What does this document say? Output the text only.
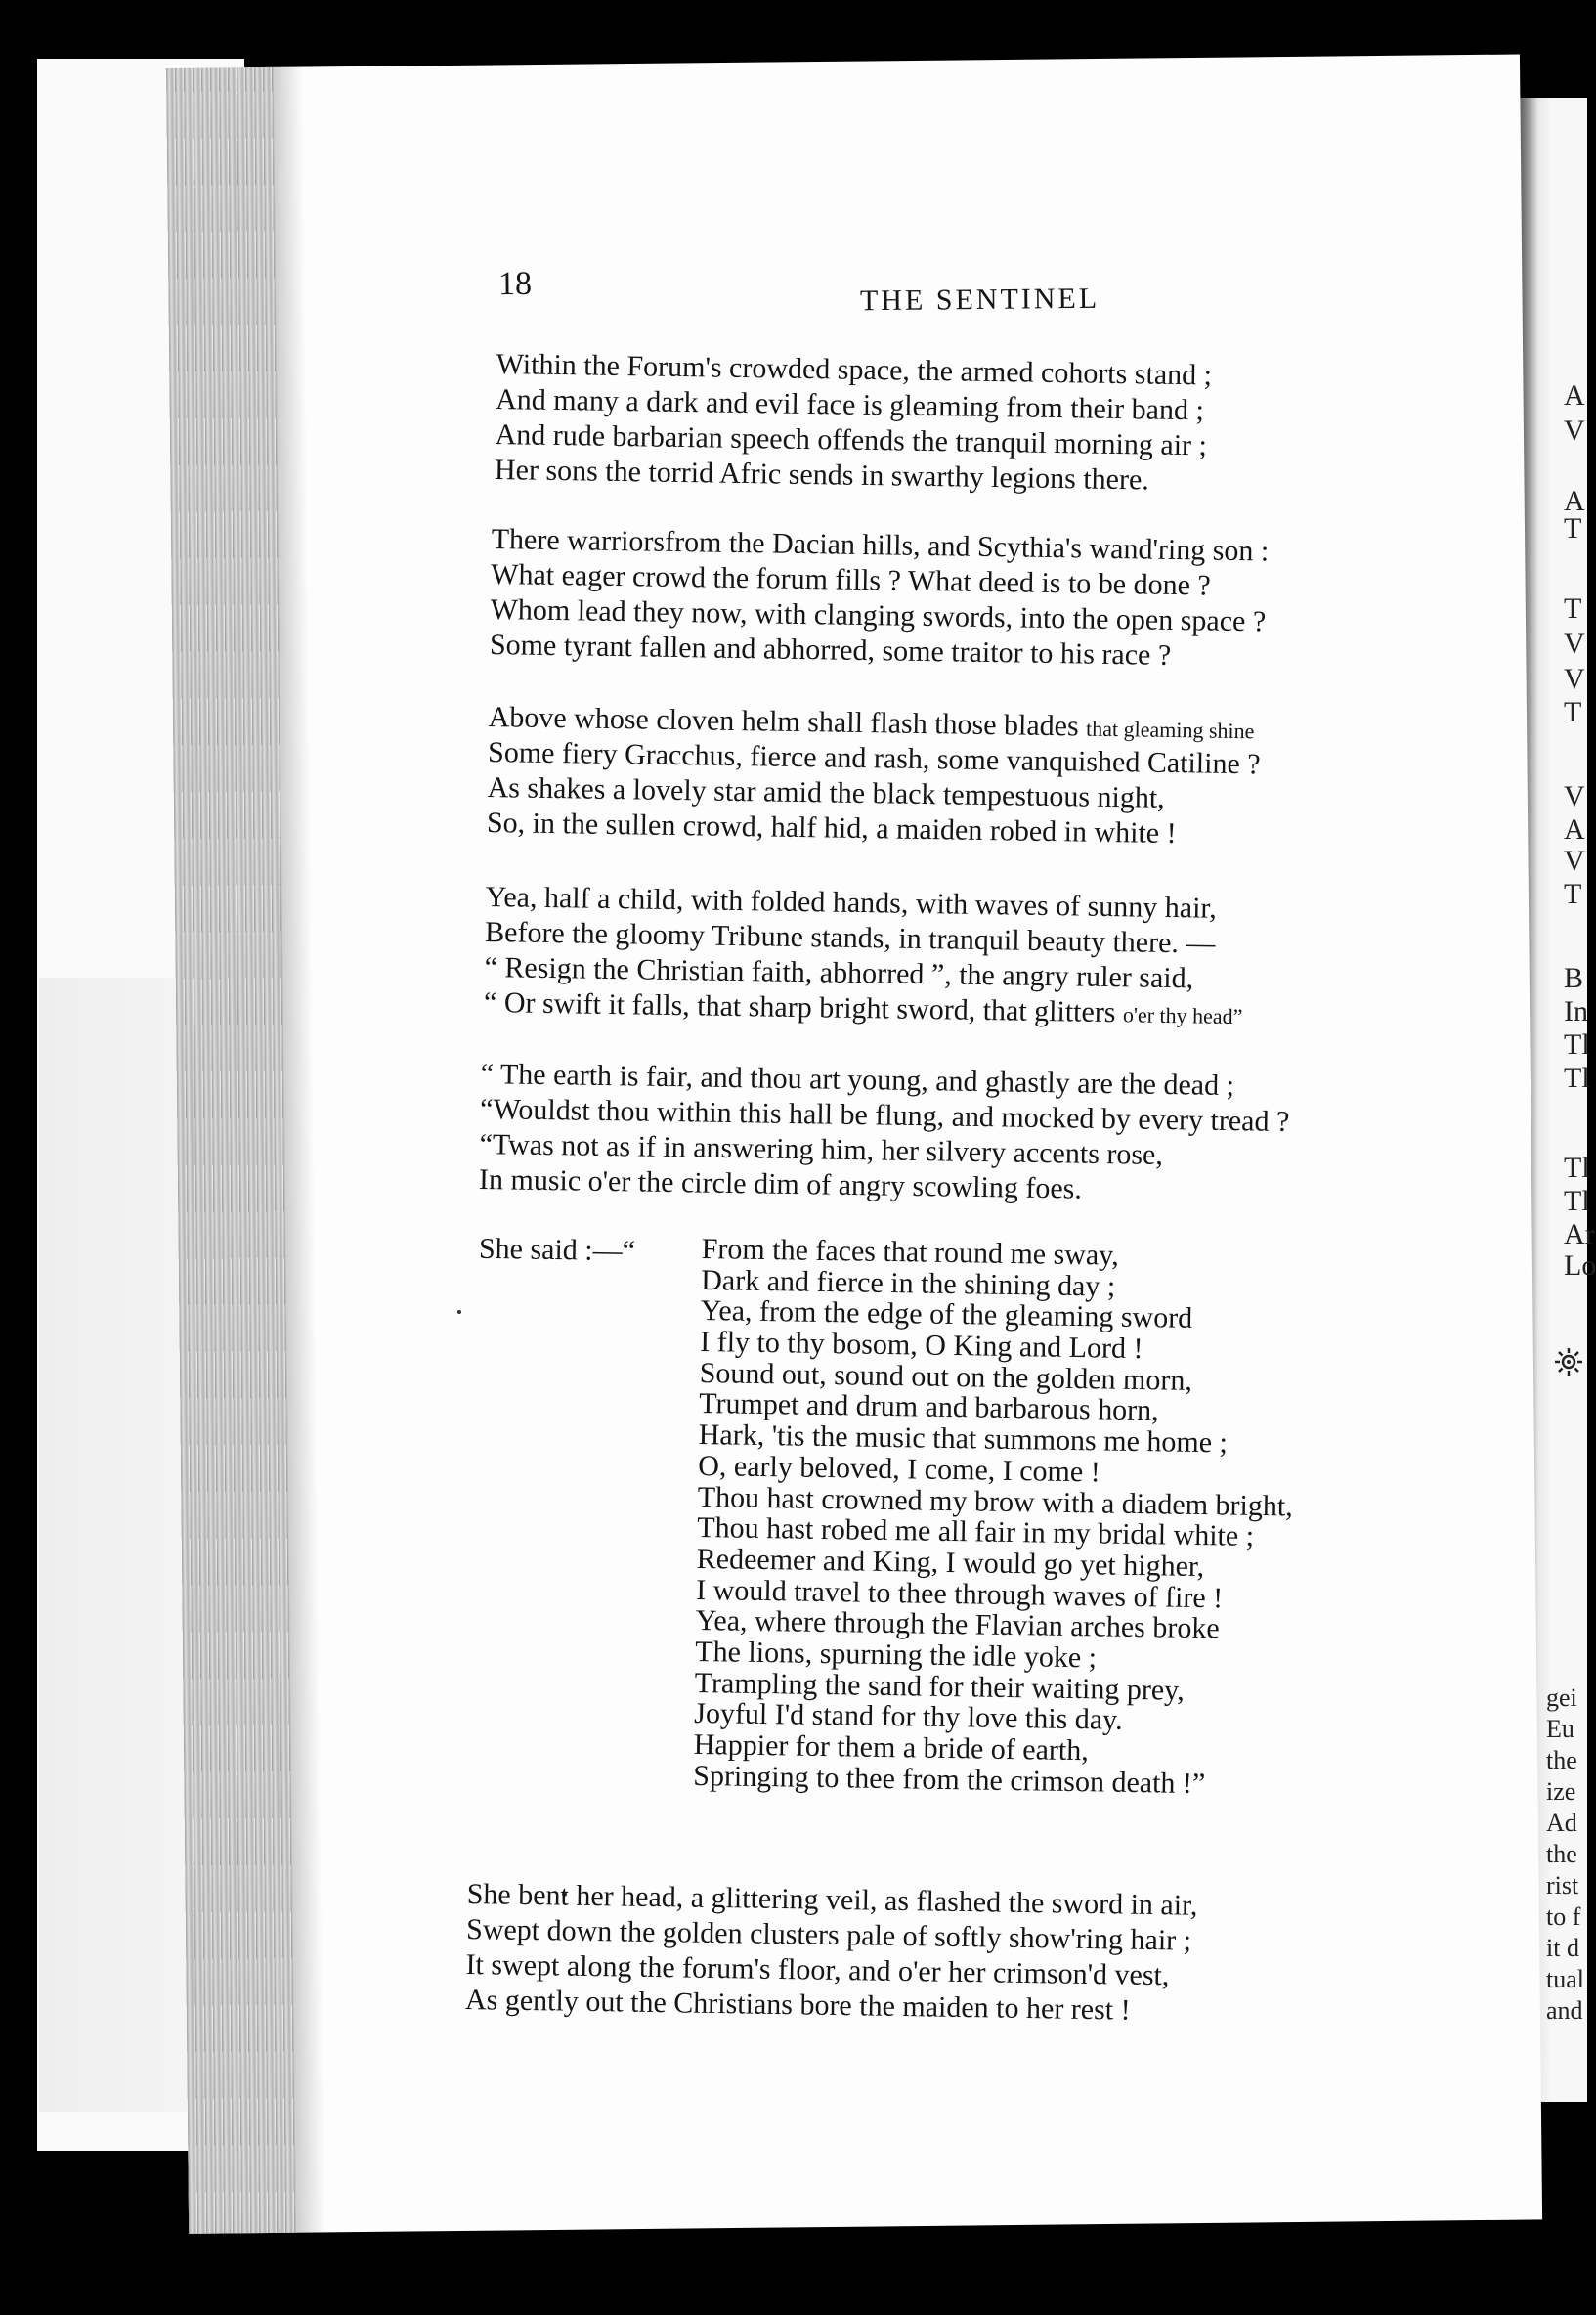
18	THE SENTINEL
Within the Forum's crowded space, the armed cohorts stand ;
And many a dark and evil face is gleaming from their band ;
And rude barbarian speech offends the tranquil morning air ;
Her sons the torrid Afric sends in swarthy legions there.
There warriorsfrom the Dacian hills, and Scythia's wand'ring son :
What eager crowd the forum fills ? What deed is to be done ?
Whom lead they now, with clanging swords, into the open space ?
Some tyrant fallen and abhorred, some traitor to his race ?
Above whose cloven helm shall flash those blades that gleaming shine
Some fiery Gracchus, fierce and rash, some vanquished Catiline ?
As shakes a lovely star amid the black tempestuous night,
So, in the sullen crowd, half hid, a maiden robed in white !
Yea, half a child, with folded hands, with waves of sunny hair,
Before the gloomy Tribune stands, in tranquil beauty there. —
“ Resign the Christian faith, abhorred ”, the angry ruler said,
“ Or swift it falls, that sharp bright sword, that glitters o'er thy head”
“ The earth is fair, and thou art young, and ghastly are the dead ;
“Wouldst thou within this hall be flung, and mocked by every tread ?
“Twas not as if in answering him, her silvery accents rose,
In music o'er the circle dim of angry scowling foes.
She said :—“ From the faces that round me sway,
Dark and fierce in the shining day ;
Yea, from the edge of the gleaming sword
I fly to thy bosom, O King and Lord !
Sound out, sound out on the golden morn,
Trumpet and drum and barbarous horn,
Hark, 'tis the music that summons me home ;
O, early beloved, I come, I come !
Thou hast crowned my brow with a diadem bright,
Thou hast robed me all fair in my bridal white ;
Redeemer and King, I would go yet higher,
I would travel to thee through waves of fire !
Yea, where through the Flavian arches broke
The lions, spurning the idle yoke ;
Trampling the sand for their waiting prey,
Joyful I'd stand for thy love this day.
Happier for them a bride of earth,
Springing to thee from the crimson death !”
She bent her head, a glittering veil, as flashed the sword in air,
Swept down the golden clusters pale of softly show'ring hair ;
It swept along the forum's floor, and o'er her crimson'd vest,
As gently out the Christians bore the maiden to her rest !
A
V
A
T
T
V
V
T
V
A
V
T
B
In
Tl
Tl
Tl
Tl
Ar
Lo
gei
Eu
the
ize
Ad
the
rist
to f
it d
tual
and
